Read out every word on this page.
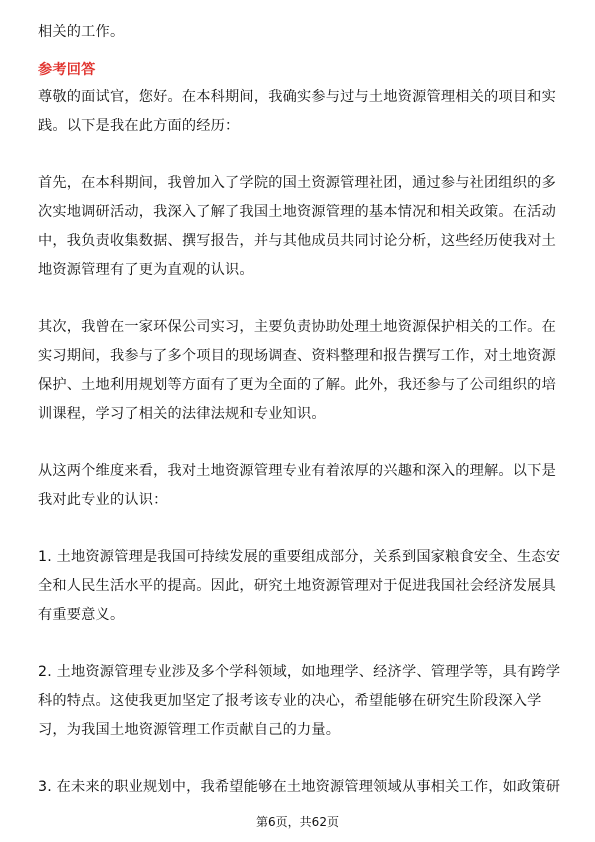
相关的工作。
参考回答
尊敬的面试官，您好。在本科期间，我确实参与过与土地资源管理相关的项目和实
践。以下是我在此方面的经历：
首先，在本科期间，我曾加入了学院的国土资源管理社团，通过参与社团组织的多
次实地调研活动，我深入了解了我国土地资源管理的基本情况和相关政策。在活动
中，我负责收集数据、撰写报告，并与其他成员共同讨论分析，这些经历使我对土
地资源管理有了更为直观的认识。
其次，我曾在一家环保公司实习，主要负责协助处理土地资源保护相关的工作。在
实习期间，我参与了多个项目的现场调查、资料整理和报告撰写工作，对土地资源
保护、土地利用规划等方面有了更为全面的了解。此外，我还参与了公司组织的培
训课程，学习了相关的法律法规和专业知识。
从这两个维度来看，我对土地资源管理专业有着浓厚的兴趣和深入的理解。以下是
我对此专业的认识：
1. 土地资源管理是我国可持续发展的重要组成部分，关系到国家粮食安全、生态安
全和人民生活水平的提高。因此，研究土地资源管理对于促进我国社会经济发展具
有重要意义。
2. 土地资源管理专业涉及多个学科领域，如地理学、经济学、管理学等，具有跨学
科的特点。这使我更加坚定了报考该专业的决心，希望能够在研究生阶段深入学
习，为我国土地资源管理工作贡献自己的力量。
3. 在未来的职业规划中，我希望能够在土地资源管理领域从事相关工作，如政策研
第6页，共62页
